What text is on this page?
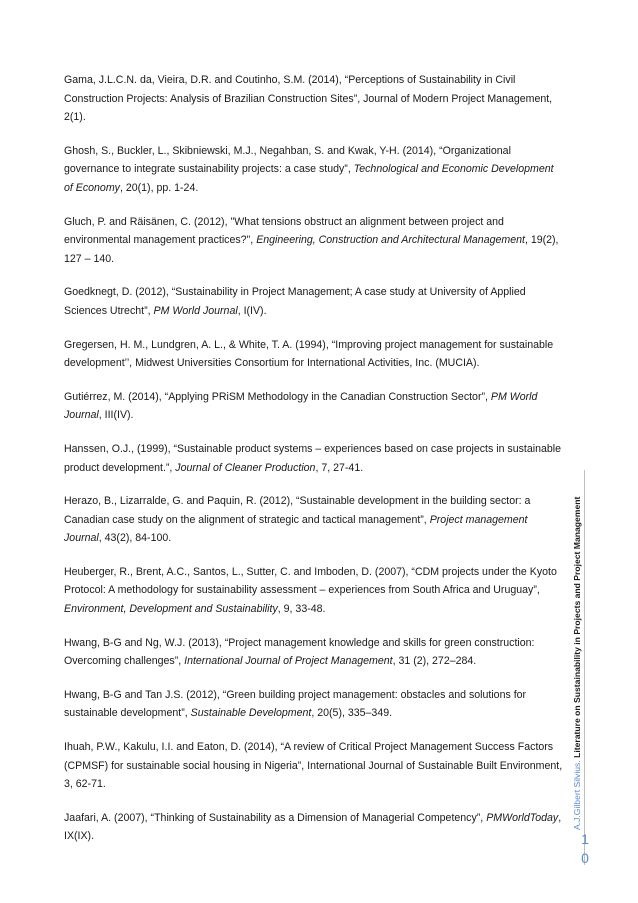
Gama, J.L.C.N. da, Vieira, D.R. and Coutinho, S.M. (2014), “Perceptions of Sustainability in Civil Construction Projects: Analysis of Brazilian Construction Sites”, Journal of Modern Project Management, 2(1).

Ghosh, S., Buckler, L., Skibniewski, M.J., Negahban, S. and Kwak, Y-H. (2014), “Organizational governance to integrate sustainability projects: a case study”, Technological and Economic Development of Economy, 20(1), pp. 1-24.

Gluch, P. and Räisänen, C. (2012), "What tensions obstruct an alignment between project and environmental management practices?", Engineering, Construction and Architectural Management, 19(2), 127 – 140.

Goedknegt, D. (2012), “Sustainability in Project Management; A case study at University of Applied Sciences Utrecht”, PM World Journal, I(IV).

Gregersen, H. M., Lundgren, A. L., & White, T. A. (1994), “Improving project management for sustainable development’’, Midwest Universities Consortium for International Activities, Inc. (MUCIA).

Gutiérrez, M. (2014), “Applying PRiSM Methodology in the Canadian Construction Sector”, PM World Journal, III(IV).

Hanssen, O.J., (1999), “Sustainable product systems – experiences based on case projects in sustainable product development.”, Journal of Cleaner Production, 7, 27-41.

Herazo, B., Lizarralde, G. and Paquin, R. (2012), “Sustainable development in the building sector: a Canadian case study on the alignment of strategic and tactical management”, Project management Journal, 43(2), 84-100.

Heuberger, R., Brent, A.C., Santos, L., Sutter, C. and Imboden, D. (2007), “CDM projects under the Kyoto Protocol: A methodology for sustainability assessment – experiences from South Africa and Uruguay”, Environment, Development and Sustainability, 9, 33-48.

Hwang, B-G and Ng, W.J. (2013), “Project management knowledge and skills for green construction: Overcoming challenges”, International Journal of Project Management, 31 (2), 272–284.

Hwang, B-G and Tan J.S. (2012), “Green building project management: obstacles and solutions for sustainable development”, Sustainable Development, 20(5), 335–349.

Ihuah, P.W., Kakulu, I.I. and Eaton, D. (2014), “A review of Critical Project Management Success Factors (CPMSF) for sustainable social housing in Nigeria”, International Journal of Sustainable Built Environment, 3, 62-71.

Jaafari, A. (2007), “Thinking of Sustainability as a Dimension of Managerial Competency”, PMWorldToday, IX(IX).

A.J.Gilbert Silvius. Literature on Sustainability in Projects and Project Management
1
0
